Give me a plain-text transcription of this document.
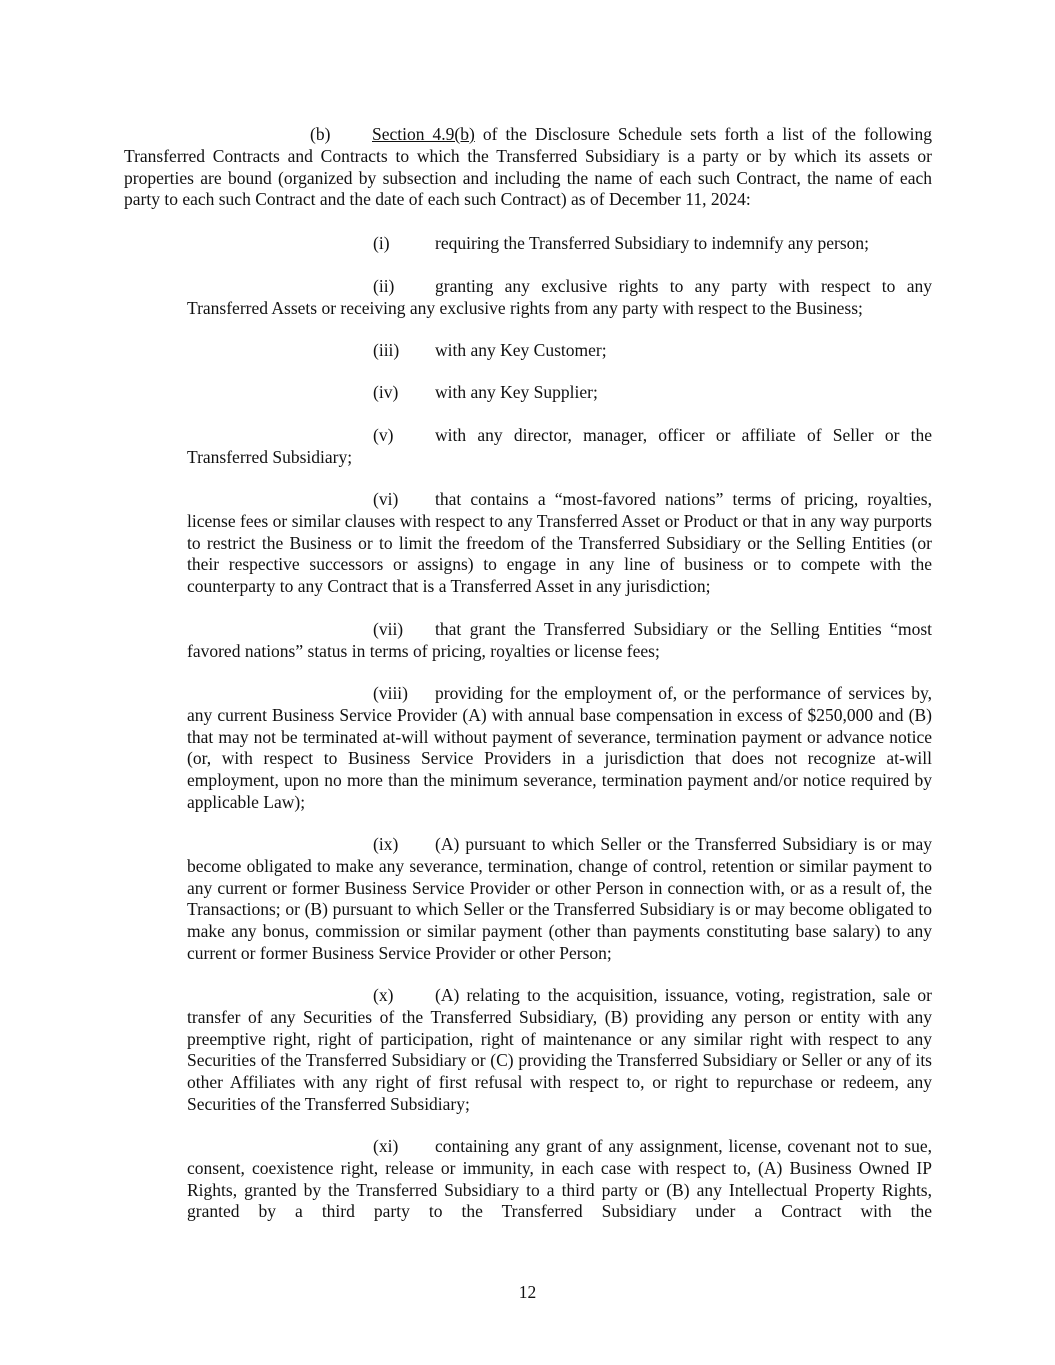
(b) Section 4.9(b) of the Disclosure Schedule sets forth a list of the following Transferred Contracts and Contracts to which the Transferred Subsidiary is a party or by which its assets or properties are bound (organized by subsection and including the name of each such Contract, the name of each party to each such Contract and the date of each such Contract) as of December 11, 2024:

(i)	requiring the Transferred Subsidiary to indemnify any person;

(ii) granting any exclusive rights to any party with respect to any Transferred Assets or receiving any exclusive rights from any party with respect to the Business;

(iii) with any Key Customer;

(iv) with any Key Supplier;

(v) with any director, manager, officer or affiliate of Seller or the Transferred Subsidiary;

(vi) that contains a “most-favored nations” terms of pricing, royalties, license fees or similar clauses with respect to any Transferred Asset or Product or that in any way purports to restrict the Business or to limit the freedom of the Transferred Subsidiary or the Selling Entities (or their respective successors or assigns) to engage in any line of business or to compete with the counterparty to any Contract that is a Transferred Asset in any jurisdiction;

(vii) that grant the Transferred Subsidiary or the Selling Entities “most favored nations” status in terms of pricing, royalties or license fees;

(viii) providing for the employment of, or the performance of services by, any current Business Service Provider (A) with annual base compensation in excess of $250,000 and (B) that may not be terminated at-will without payment of severance, termination payment or advance notice (or, with respect to Business Service Providers in a jurisdiction that does not recognize at-will employment, upon no more than the minimum severance, termination payment and/or notice required by applicable Law);

(ix) (A) pursuant to which Seller or the Transferred Subsidiary is or may become obligated to make any severance, termination, change of control, retention or similar payment to any current or former Business Service Provider or other Person in connection with, or as a result of, the Transactions; or (B) pursuant to which Seller or the Transferred Subsidiary is or may become obligated to make any bonus, commission or similar payment (other than payments constituting base salary) to any current or former Business Service Provider or other Person;

(x) (A) relating to the acquisition, issuance, voting, registration, sale or transfer of any Securities of the Transferred Subsidiary, (B) providing any person or entity with any preemptive right, right of participation, right of maintenance or any similar right with respect to any Securities of the Transferred Subsidiary or (C) providing the Transferred Subsidiary or Seller or any of its other Affiliates with any right of first refusal with respect to, or right to repurchase or redeem, any Securities of the Transferred Subsidiary;

(xi) containing any grant of any assignment, license, covenant not to sue, consent, coexistence right, release or immunity, in each case with respect to, (A) Business Owned IP Rights, granted by the Transferred Subsidiary to a third party or (B) any Intellectual Property Rights, granted by a third party to the Transferred Subsidiary under a Contract with the

12
